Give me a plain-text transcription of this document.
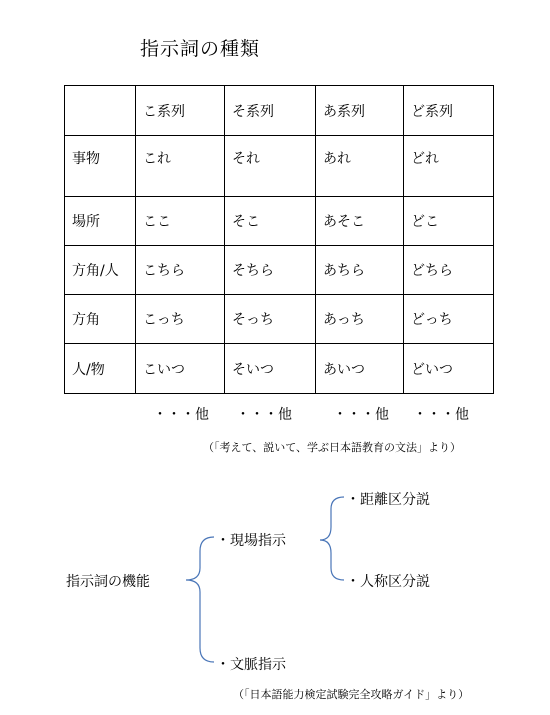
指示詞の種類
	こ系列	そ系列	あ系列	ど系列
事物	これ	それ	あれ	どれ
場所	ここ	そこ	あそこ	どこ
方角/人	こちら	そちら	あちら	どちら
方角	こっち	そっち	あっち	どっち
人/物	こいつ	そいつ	あいつ	どいつ
・・・他 ・・・他	・・・他 ・・・他
（「考えて、説いて、学ぶ日本語教育の文法」より）
指示詞の機能
・現場指示
・文脈指示
・距離区分説
・人称区分説
（「日本語能力検定試験完全攻略ガイド」より）
